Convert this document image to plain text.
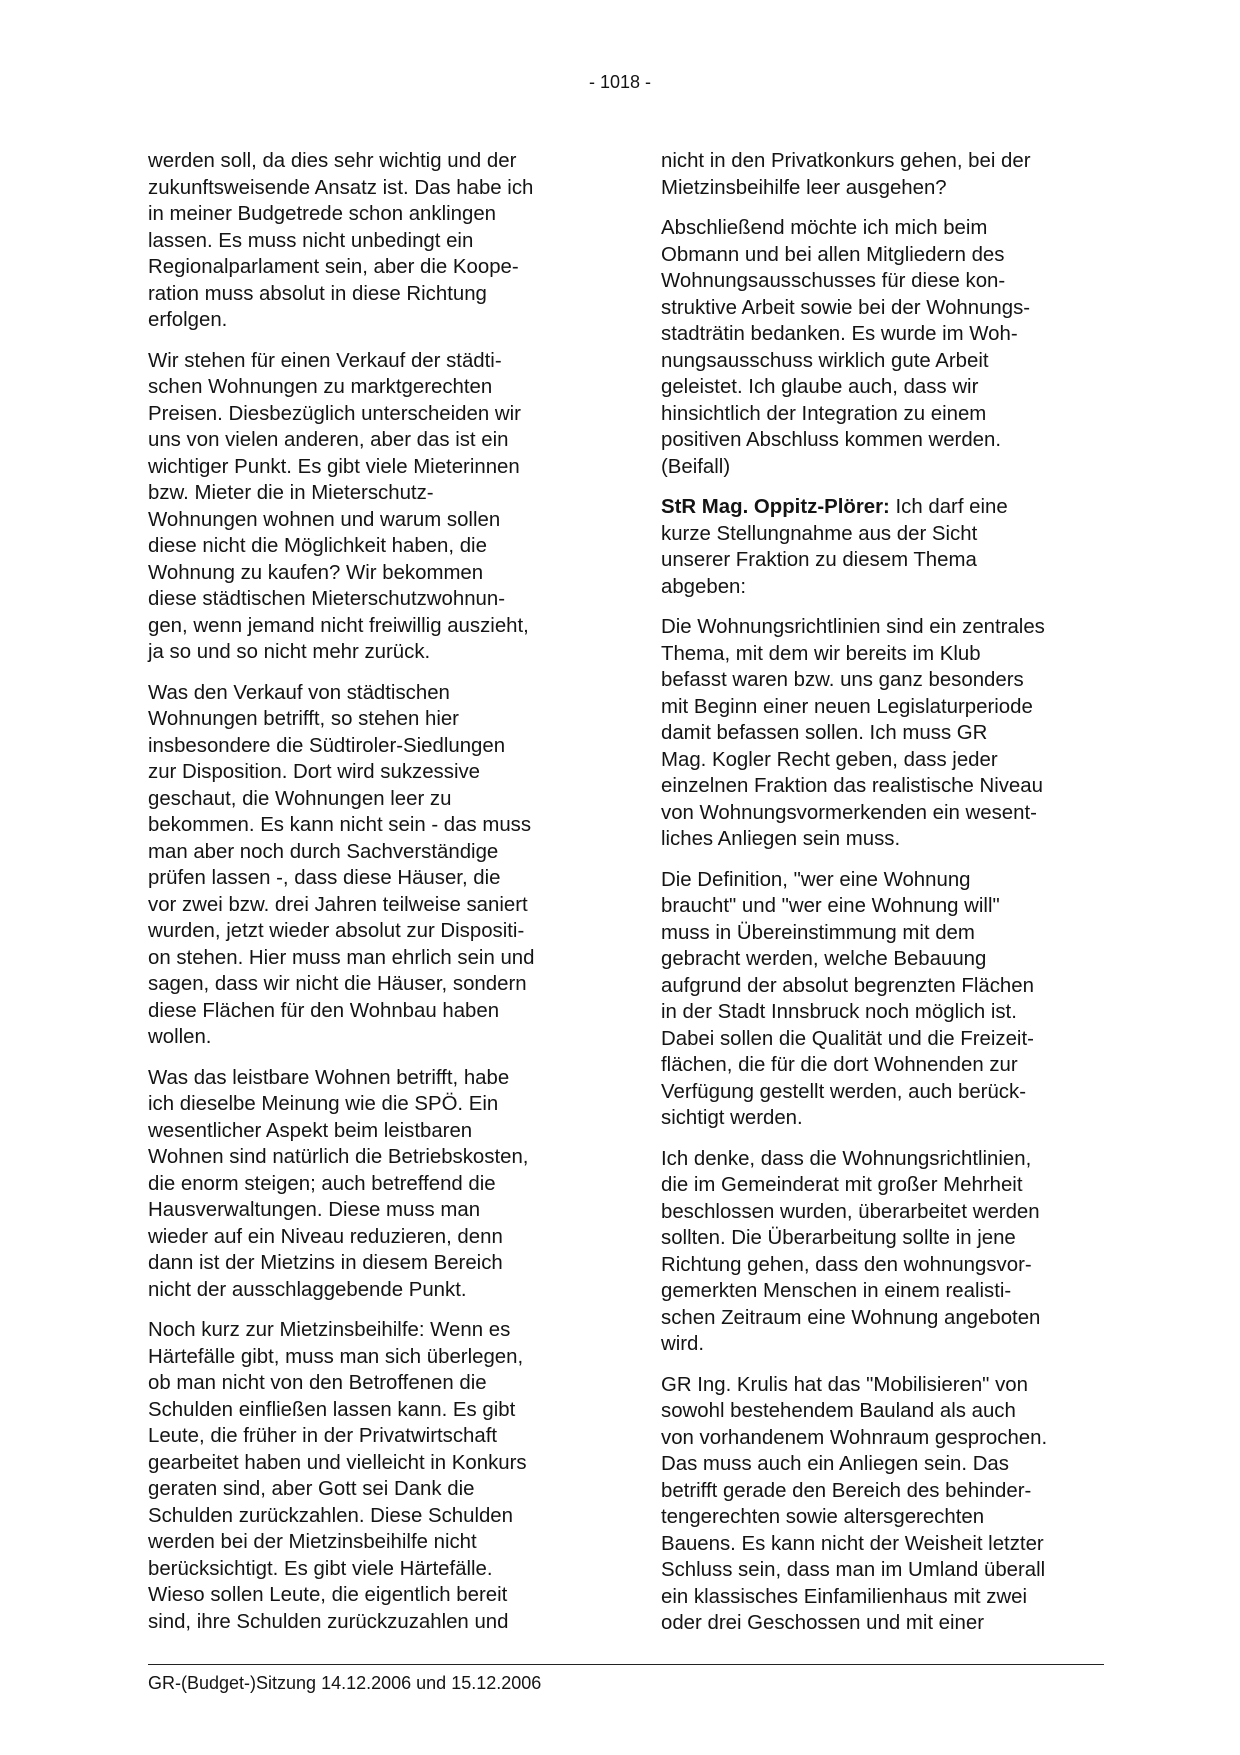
- 1018 -

werden soll, da dies sehr wichtig und der
zukunftsweisende Ansatz ist. Das habe ich
in meiner Budgetrede schon anklingen
lassen. Es muss nicht unbedingt ein
Regionalparlament sein, aber die Koope-
ration muss absolut in diese Richtung
erfolgen.

Wir stehen für einen Verkauf der städti-
schen Wohnungen zu marktgerechten
Preisen. Diesbezüglich unterscheiden wir
uns von vielen anderen, aber das ist ein
wichtiger Punkt. Es gibt viele Mieterinnen
bzw. Mieter die in Mieterschutz-
Wohnungen wohnen und warum sollen
diese nicht die Möglichkeit haben, die
Wohnung zu kaufen? Wir bekommen
diese städtischen Mieterschutzwohnun-
gen, wenn jemand nicht freiwillig auszieht,
ja so und so nicht mehr zurück.

Was den Verkauf von städtischen
Wohnungen betrifft, so stehen hier
insbesondere die Südtiroler-Siedlungen
zur Disposition. Dort wird sukzessive
geschaut, die Wohnungen leer zu
bekommen. Es kann nicht sein - das muss
man aber noch durch Sachverständige
prüfen lassen -, dass diese Häuser, die
vor zwei bzw. drei Jahren teilweise saniert
wurden, jetzt wieder absolut zur Dispositi-
on stehen. Hier muss man ehrlich sein und
sagen, dass wir nicht die Häuser, sondern
diese Flächen für den Wohnbau haben
wollen.

Was das leistbare Wohnen betrifft, habe
ich dieselbe Meinung wie die SPÖ. Ein
wesentlicher Aspekt beim leistbaren
Wohnen sind natürlich die Betriebskosten,
die enorm steigen; auch betreffend die
Hausverwaltungen. Diese muss man
wieder auf ein Niveau reduzieren, denn
dann ist der Mietzins in diesem Bereich
nicht der ausschlaggebende Punkt.

Noch kurz zur Mietzinsbeihilfe: Wenn es
Härtefälle gibt, muss man sich überlegen,
ob man nicht von den Betroffenen die
Schulden einfließen lassen kann. Es gibt
Leute, die früher in der Privatwirtschaft
gearbeitet haben und vielleicht in Konkurs
geraten sind, aber Gott sei Dank die
Schulden zurückzahlen. Diese Schulden
werden bei der Mietzinsbeihilfe nicht
berücksichtigt. Es gibt viele Härtefälle.
Wieso sollen Leute, die eigentlich bereit
sind, ihre Schulden zurückzuzahlen und

nicht in den Privatkonkurs gehen, bei der
Mietzinsbeihilfe leer ausgehen?

Abschließend möchte ich mich beim
Obmann und bei allen Mitgliedern des
Wohnungsausschusses für diese kon-
struktive Arbeit sowie bei der Wohnungs-
stadträtin bedanken. Es wurde im Woh-
nungsausschuss wirklich gute Arbeit
geleistet. Ich glaube auch, dass wir
hinsichtlich der Integration zu einem
positiven Abschluss kommen werden.
(Beifall)

StR Mag. Oppitz-Plörer: Ich darf eine
kurze Stellungnahme aus der Sicht
unserer Fraktion zu diesem Thema
abgeben:

Die Wohnungsrichtlinien sind ein zentrales
Thema, mit dem wir bereits im Klub
befasst waren bzw. uns ganz besonders
mit Beginn einer neuen Legislaturperiode
damit befassen sollen. Ich muss GR
Mag. Kogler Recht geben, dass jeder
einzelnen Fraktion das realistische Niveau
von Wohnungsvormerkenden ein wesent-
liches Anliegen sein muss.

Die Definition, "wer eine Wohnung
braucht" und "wer eine Wohnung will"
muss in Übereinstimmung mit dem
gebracht werden, welche Bebauung
aufgrund der absolut begrenzten Flächen
in der Stadt Innsbruck noch möglich ist.
Dabei sollen die Qualität und die Freizeit-
flächen, die für die dort Wohnenden zur
Verfügung gestellt werden, auch berück-
sichtigt werden.

Ich denke, dass die Wohnungsrichtlinien,
die im Gemeinderat mit großer Mehrheit
beschlossen wurden, überarbeitet werden
sollten. Die Überarbeitung sollte in jene
Richtung gehen, dass den wohnungsvor-
gemerkten Menschen in einem realisti-
schen Zeitraum eine Wohnung angeboten
wird.

GR Ing. Krulis hat das "Mobilisieren" von
sowohl bestehendem Bauland als auch
von vorhandenem Wohnraum gesprochen.
Das muss auch ein Anliegen sein. Das
betrifft gerade den Bereich des behinder-
tengerechten sowie altersgerechten
Bauens. Es kann nicht der Weisheit letzter
Schluss sein, dass man im Umland überall
ein klassisches Einfamilienhaus mit zwei
oder drei Geschossen und mit einer

GR-(Budget-)Sitzung 14.12.2006 und 15.12.2006
